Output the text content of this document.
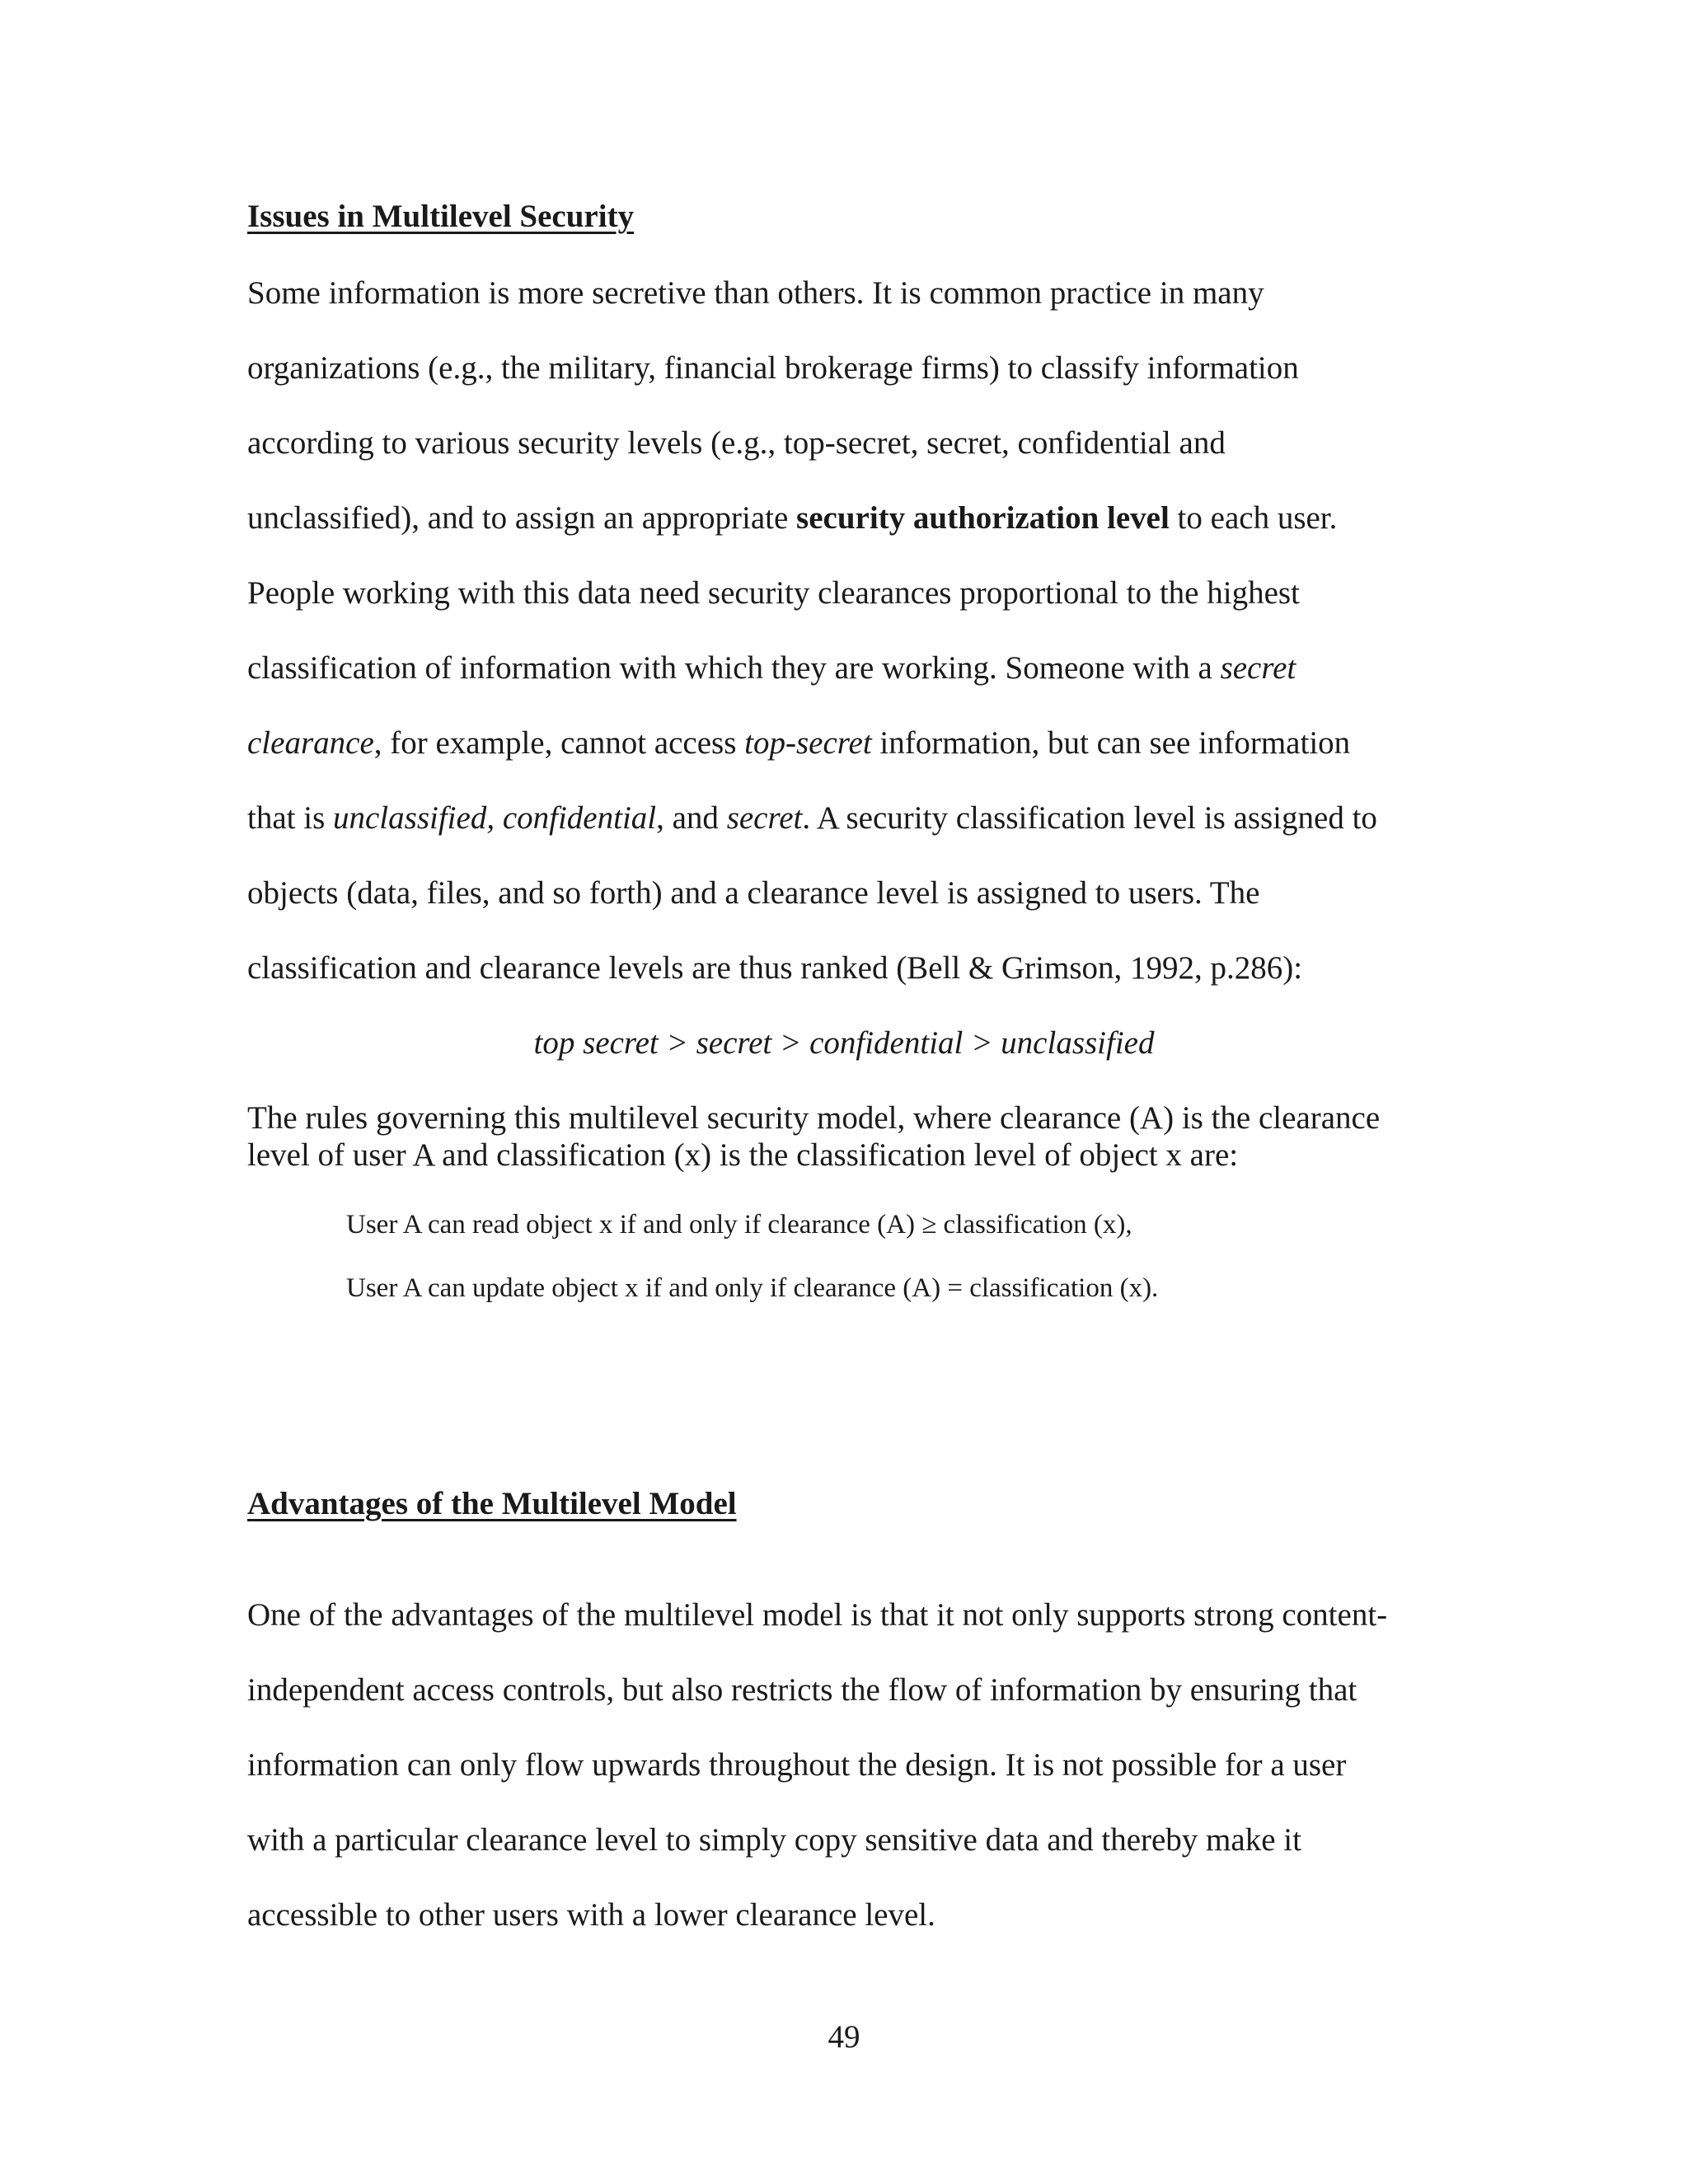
Issues in Multilevel Security

Some information is more secretive than others. It is common practice in many

organizations (e.g., the military, financial brokerage firms) to classify information

according to various security levels (e.g., top-secret, secret, confidential and

unclassified), and to assign an appropriate security authorization level to each user.

People working with this data need security clearances proportional to the highest

classification of information with which they are working. Someone with a secret

clearance, for example, cannot access top-secret information, but can see information

that is unclassified, confidential, and secret. A security classification level is assigned to

objects (data, files, and so forth) and a clearance level is assigned to users. The

classification and clearance levels are thus ranked (Bell & Grimson, 1992, p.286):

top secret > secret > confidential > unclassified

The rules governing this multilevel security model, where clearance (A) is the clearance

level of user A and classification (x) is the classification level of object x are:

User A can read object x if and only if clearance (A) ≥ classification (x),

User A can update object x if and only if clearance (A) = classification (x).

Advantages of the Multilevel Model

One of the advantages of the multilevel model is that it not only supports strong content-

independent access controls, but also restricts the flow of information by ensuring that

information can only flow upwards throughout the design. It is not possible for a user

with a particular clearance level to simply copy sensitive data and thereby make it

accessible to other users with a lower clearance level.

49
